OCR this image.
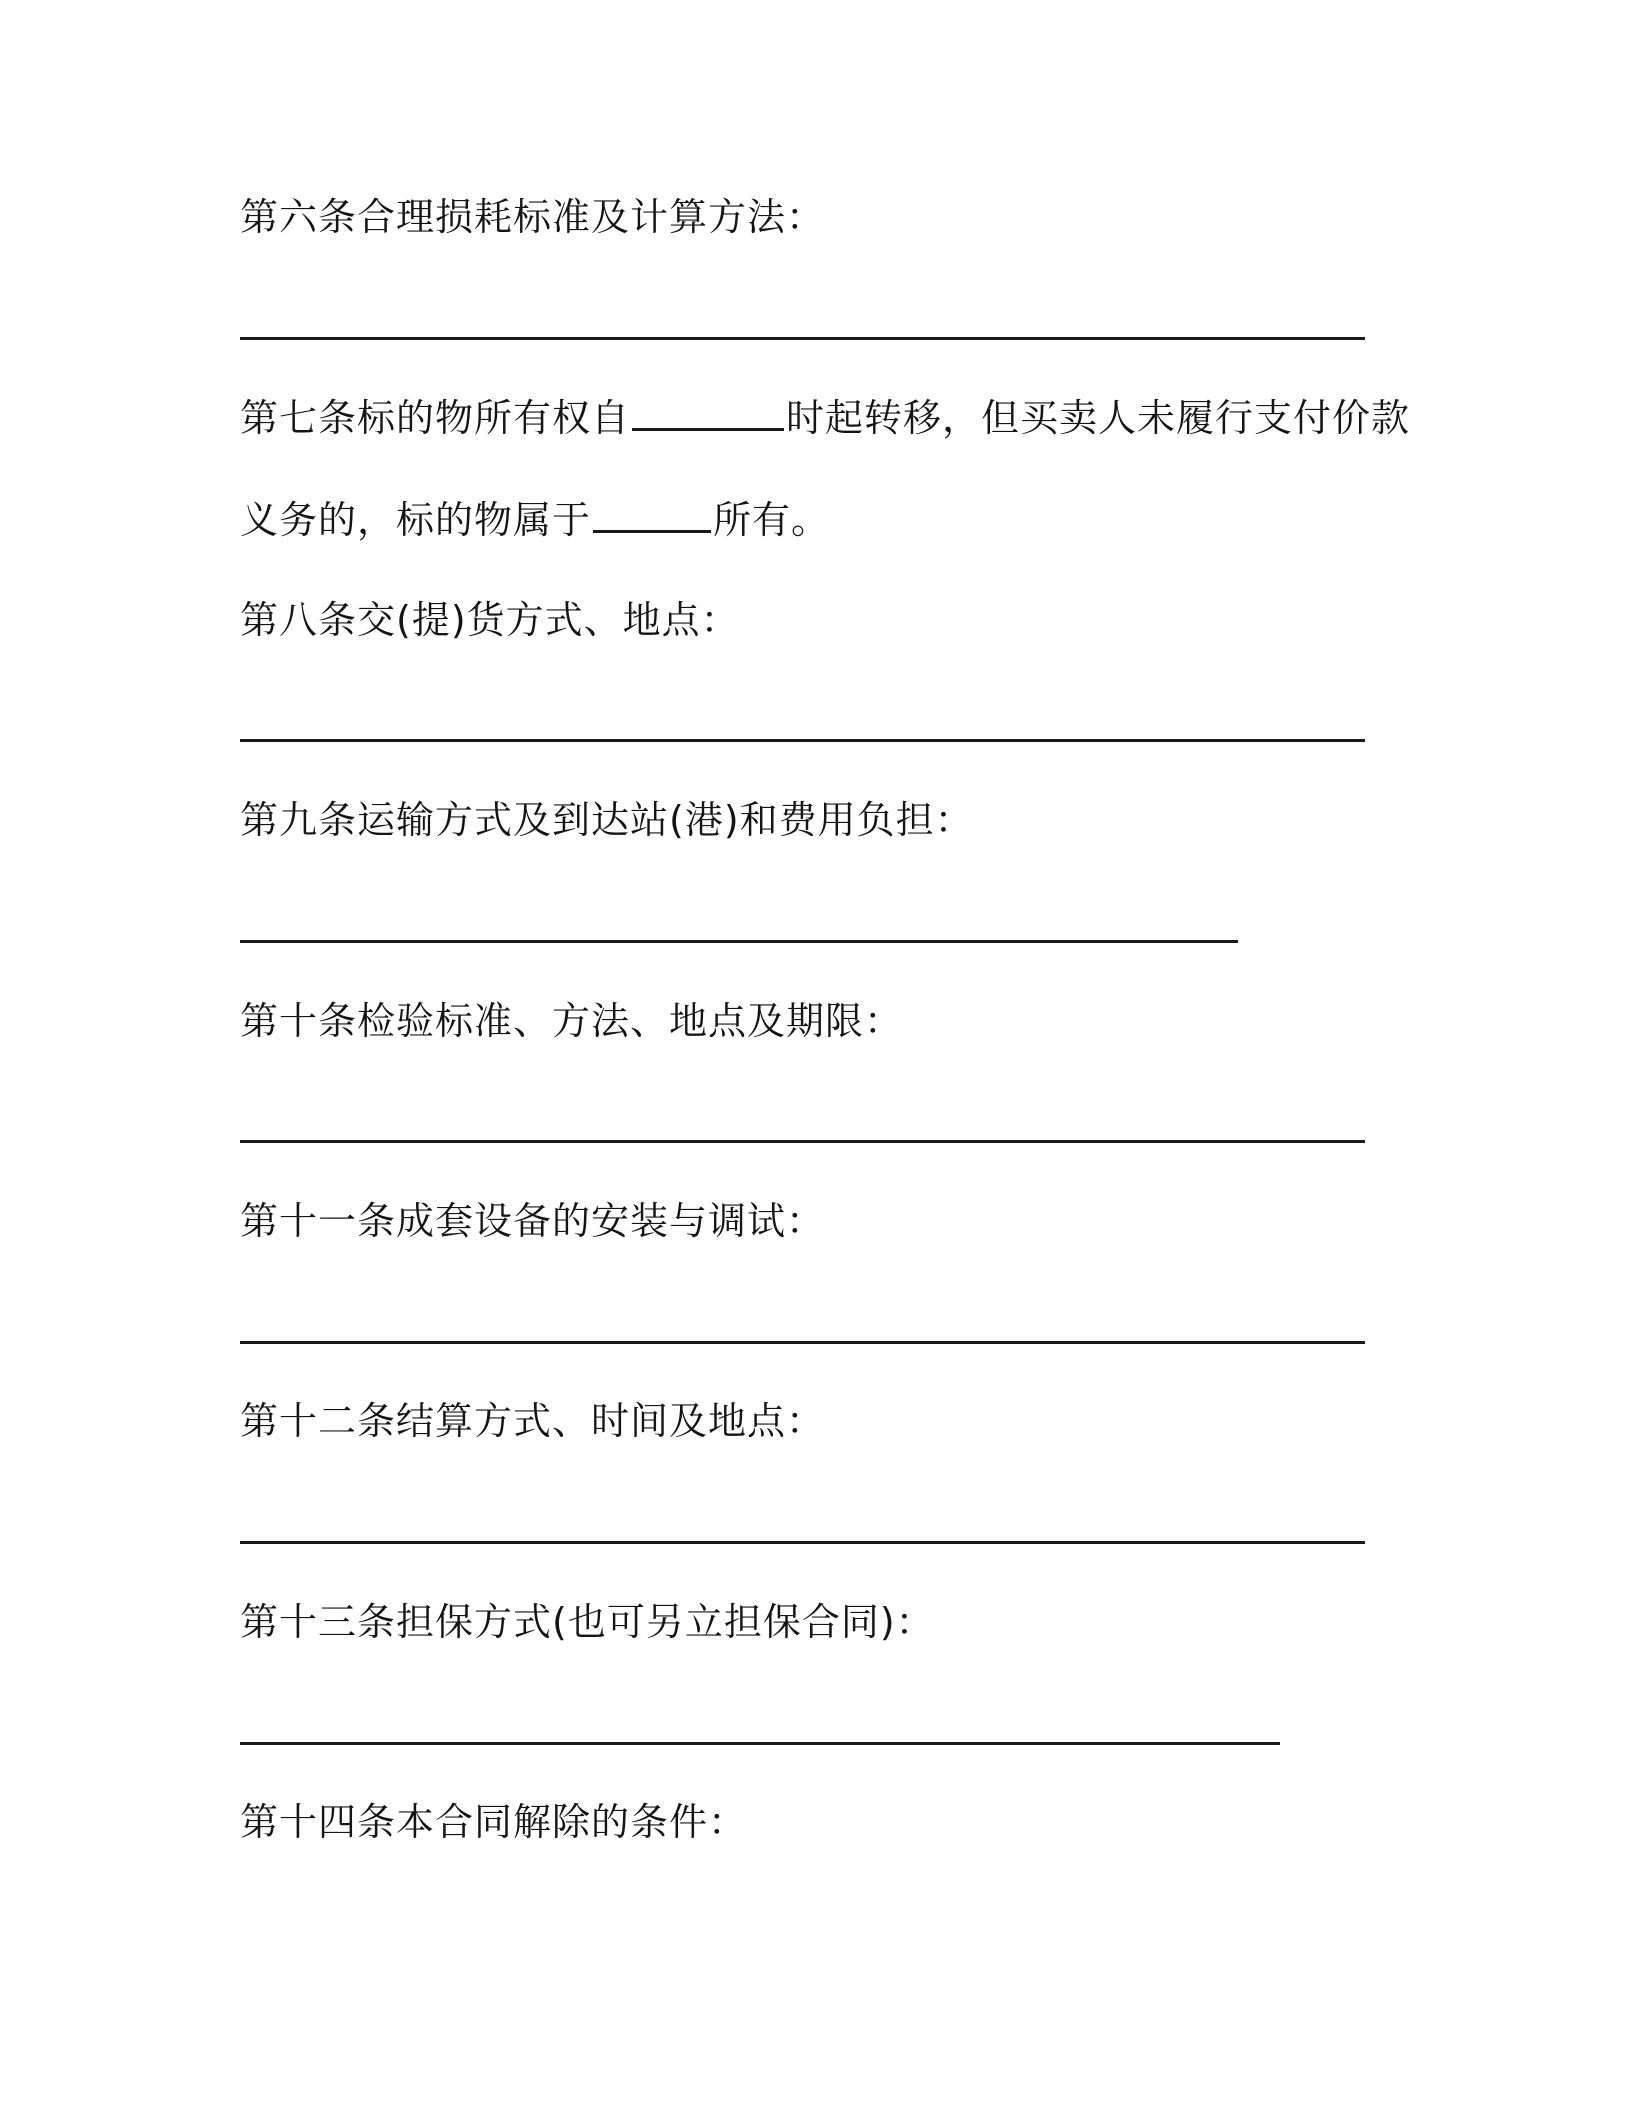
第六条合理损耗标准及计算方法：
第七条标的物所有权自	时起转移，但买卖人未履行支付价款
义务的，标的物属于	所有。
第八条交(提)货方式、地点：
第九条运输方式及到达站(港)和费用负担：
第十条检验标准、方法、地点及期限：
第十一条成套设备的安装与调试：
第十二条结算方式、时间及地点：
第十三条担保方式(也可另立担保合同)：
第十四条本合同解除的条件：
